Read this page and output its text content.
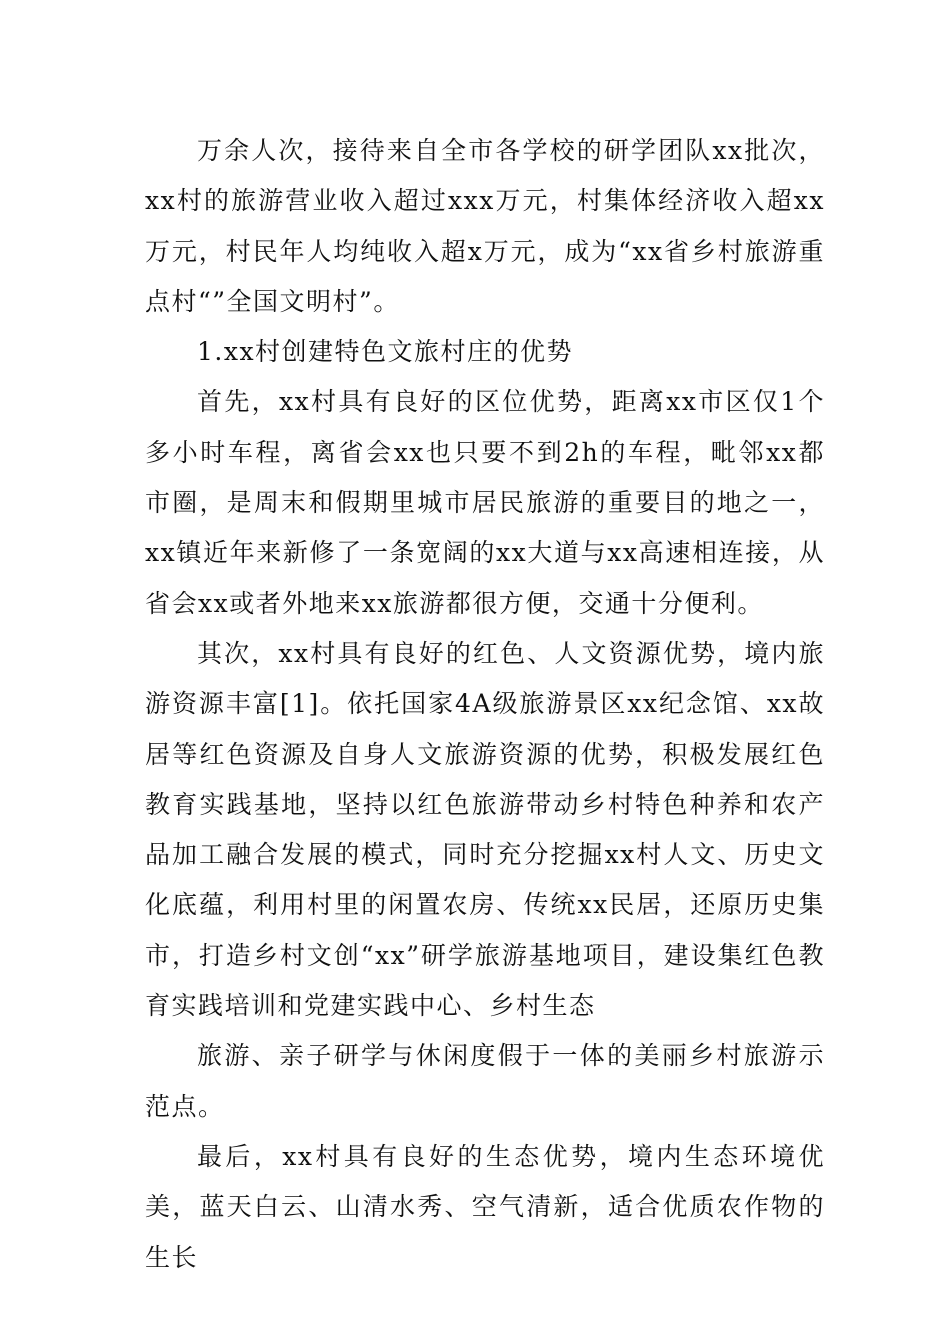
万余人次，接待来自全市各学校的研学团队xx批次，xx村的旅游营业收入超过xxx万元，村集体经济收入超xx万元，村民年人均纯收入超x万元，成为“xx省乡村旅游重点村“”全国文明村”。

1.xx村创建特色文旅村庄的优势

首先，xx村具有良好的区位优势，距离xx市区仅1个多小时车程，离省会xx也只要不到2h的车程，毗邻xx都市圈，是周末和假期里城市居民旅游的重要目的地之一，xx镇近年来新修了一条宽阔的xx大道与xx高速相连接，从省会xx或者外地来xx旅游都很方便，交通十分便利。

其次，xx村具有良好的红色、人文资源优势，境内旅游资源丰富[1]。依托国家4A级旅游景区xx纪念馆、xx故居等红色资源及自身人文旅游资源的优势，积极发展红色教育实践基地，坚持以红色旅游带动乡村特色种养和农产品加工融合发展的模式，同时充分挖掘xx村人文、历史文化底蕴，利用村里的闲置农房、传统xx民居，还原历史集市，打造乡村文创“xx”研学旅游基地项目，建设集红色教育实践培训和党建实践中心、乡村生态

旅游、亲子研学与休闲度假于一体的美丽乡村旅游示范点。

最后，xx村具有良好的生态优势，境内生态环境优美，蓝天白云、山清水秀、空气清新，适合优质农作物的生长
